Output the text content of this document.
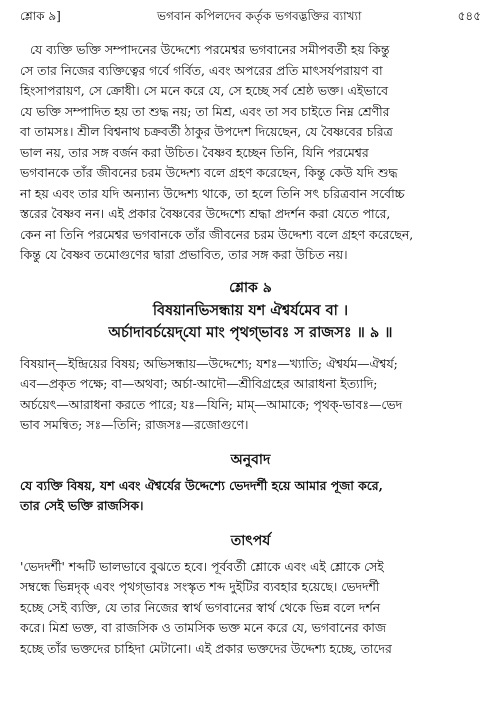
শ্লোক ৯]	ভগবান কপিলদেব কর্তৃক ভগবদ্ভক্তির ব্যাখ্যা	৫৪৫

যে ব্যক্তি ভক্তি সম্পাদনের উদ্দেশ্যে পরমেশ্বর ভগবানের সমীপবর্তী হয় কিন্তু

সে তার নিজের ব্যক্তিত্বের গর্বে গর্বিত, এবং অপরের প্রতি মাৎসর্যপরায়ণ বা

হিংসাপরায়ণ, সে ক্রোধী। সে মনে করে যে, সে হচ্ছে সর্ব শ্রেষ্ঠ ভক্ত। এইভাবে

যে ভক্তি সম্পাদিত হয় তা শুদ্ধ নয়; তা মিশ্র, এবং তা সব চাইতে নিম্ন শ্রেণীর

বা তামসঃ। শ্রীল বিশ্বনাথ চক্রবর্তী ঠাকুর উপদেশ দিয়েছেন, যে বৈষ্ণবের চরিত্র

ভাল নয়, তার সঙ্গ বর্জন করা উচিত। বৈষ্ণব হচ্ছেন তিনি, যিনি পরমেশ্বর

ভগবানকে তাঁর জীবনের চরম উদ্দেশ্য বলে গ্রহণ করেছেন, কিন্তু কেউ যদি শুদ্ধ

না হয় এবং তার যদি অন্যান্য উদ্দেশ্য থাকে, তা হলে তিনি সৎ চরিত্রবান সর্বোচ্চ

স্তরের বৈষ্ণব নন। এই প্রকার বৈষ্ণবের উদ্দেশ্যে শ্রদ্ধা প্রদর্শন করা যেতে পারে,

কেন না তিনি পরমেশ্বর ভগবানকে তাঁর জীবনের চরম উদ্দেশ্য বলে গ্রহণ করেছেন,

কিন্তু যে বৈষ্ণব তমোগুণের দ্বারা প্রভাবিত, তার সঙ্গ করা উচিত নয়।

শ্লোক ৯
বিষয়ানভিসন্ধায় যশ ঐশ্বর্যমেব বা ।
অর্চাদাবর্চয়েদ্‌যো মাং পৃথগ্‌ভাবঃ স রাজসঃ ॥ ৯ ॥

বিষয়ান্—ইন্দ্রিয়ের বিষয়; অভিসন্ধায়—উদ্দেশ্যে; যশঃ—খ্যাতি; ঐশ্বর্যম—ঐশ্বর্য;

এব—প্রকৃত পক্ষে; বা—অথবা; অর্চা-আদৌ—শ্রীবিগ্রহের আরাধনা ইত্যাদি;

অর্চয়েৎ—আরাধনা করতে পারে; যঃ—যিনি; মাম্—আমাকে; পৃথক্‌-ভাবঃ—ভেদ

ভাব সমন্বিত; সঃ—তিনি; রাজসঃ—রজোগুণে।

অনুবাদ

যে ব্যক্তি বিষয়, যশ এবং ঐশ্বর্যের উদ্দেশ্যে ভেদদর্শী হয়ে আমার পূজা করে,

তার সেই ভক্তি রাজসিক।

তাৎপর্য

'ভেদদর্শী' শব্দটি ভালভাবে বুঝতে হবে। পূর্ববর্তী শ্লোকে এবং এই শ্লোকে সেই

সম্বন্ধে ভিন্নদৃক্ এবং পৃথগ্‌ভাবঃ সংস্কৃত শব্দ দুইটির ব্যবহার হয়েছে। ভেদদর্শী

হচ্ছে সেই ব্যক্তি, যে তার নিজের স্বার্থ ভগবানের স্বার্থ থেকে ভিন্ন বলে দর্শন

করে। মিশ্র ভক্ত, বা রাজসিক ও তামসিক ভক্ত মনে করে যে, ভগবানের কাজ

হচ্ছে তাঁর ভক্তদের চাহিদা মেটানো। এই প্রকার ভক্তদের উদ্দেশ্য হচ্ছে, তাদের
